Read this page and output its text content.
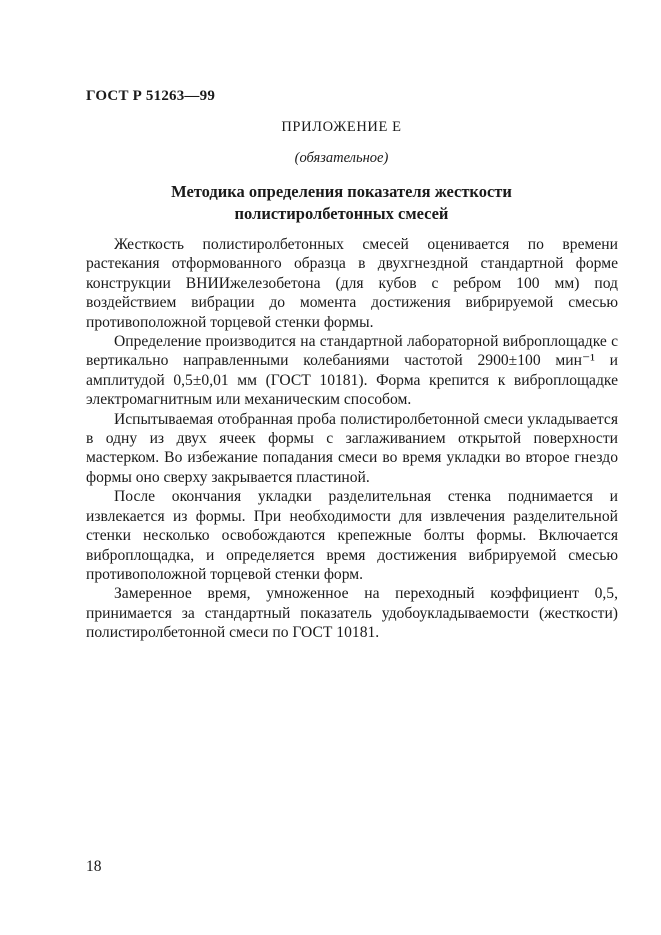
ГОСТ Р 51263—99
ПРИЛОЖЕНИЕ Е
(обязательное)
Методика определения показателя жесткости
полистиролбетонных смесей

Жесткость полистиролбетонных смесей оценивается по времени растекания отформованного образца в двухгнездной стандартной форме конструкции ВНИИжелезобетона (для кубов с ребром 100 мм) под воздействием вибрации до момента достижения вибрируемой смесью противоположной торцевой стенки формы.

Определение производится на стандартной лабораторной виброплощадке с вертикально направленными колебаниями частотой 2900±100 мин⁻¹ и амплитудой 0,5±0,01 мм (ГОСТ 10181). Форма крепится к виброплощадке электромагнитным или механическим способом.

Испытываемая отобранная проба полистиролбетонной смеси укладывается в одну из двух ячеек формы с заглаживанием открытой поверхности мастерком. Во избежание попадания смеси во время укладки во второе гнездо формы оно сверху закрывается пластиной.

После окончания укладки разделительная стенка поднимается и извлекается из формы. При необходимости для извлечения разделительной стенки несколько освобождаются крепежные болты формы. Включается виброплощадка, и определяется время достижения вибрируемой смесью противоположной торцевой стенки форм.

Замеренное время, умноженное на переходный коэффициент 0,5, принимается за стандартный показатель удобоукладываемости (жесткости) полистиролбетонной смеси по ГОСТ 10181.

18
